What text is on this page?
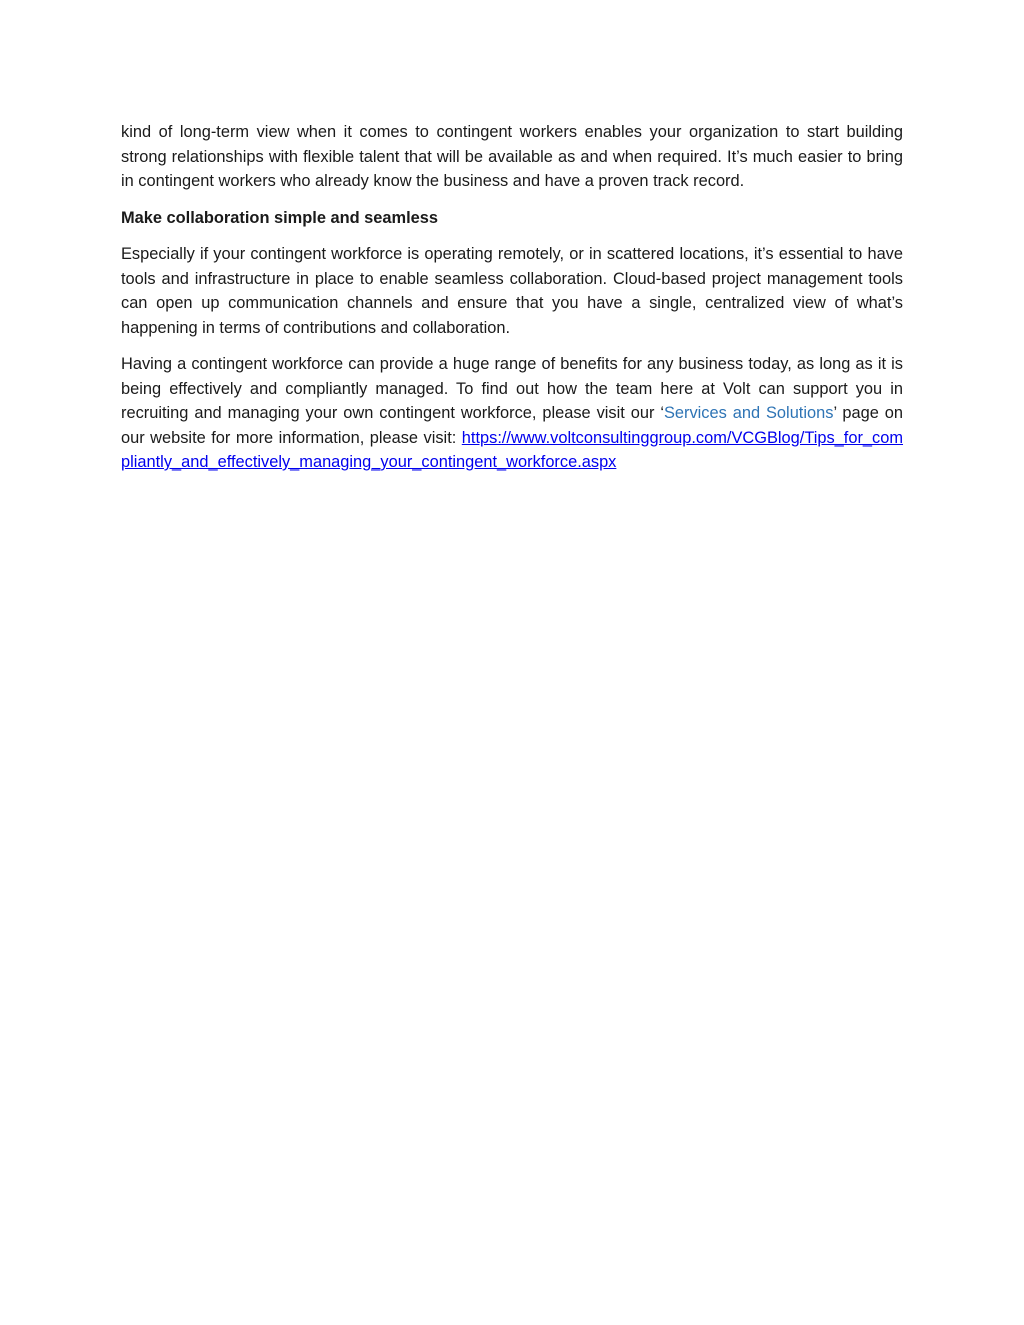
kind of long-term view when it comes to contingent workers enables your organization to start building strong relationships with flexible talent that will be available as and when required. It’s much easier to bring in contingent workers who already know the business and have a proven track record.

Make collaboration simple and seamless

Especially if your contingent workforce is operating remotely, or in scattered locations, it’s essential to have tools and infrastructure in place to enable seamless collaboration. Cloud-based project management tools can open up communication channels and ensure that you have a single, centralized view of what’s happening in terms of contributions and collaboration.

Having a contingent workforce can provide a huge range of benefits for any business today, as long as it is being effectively and compliantly managed. To find out how the team here at Volt can support you in recruiting and managing your own contingent workforce, please visit our ‘Services and Solutions’ page on our website for more information, please visit: https://www.voltconsultinggroup.com/VCGBlog/Tips_for_compliantly_and_effectively_managing_your_contingent_workforce.aspx
